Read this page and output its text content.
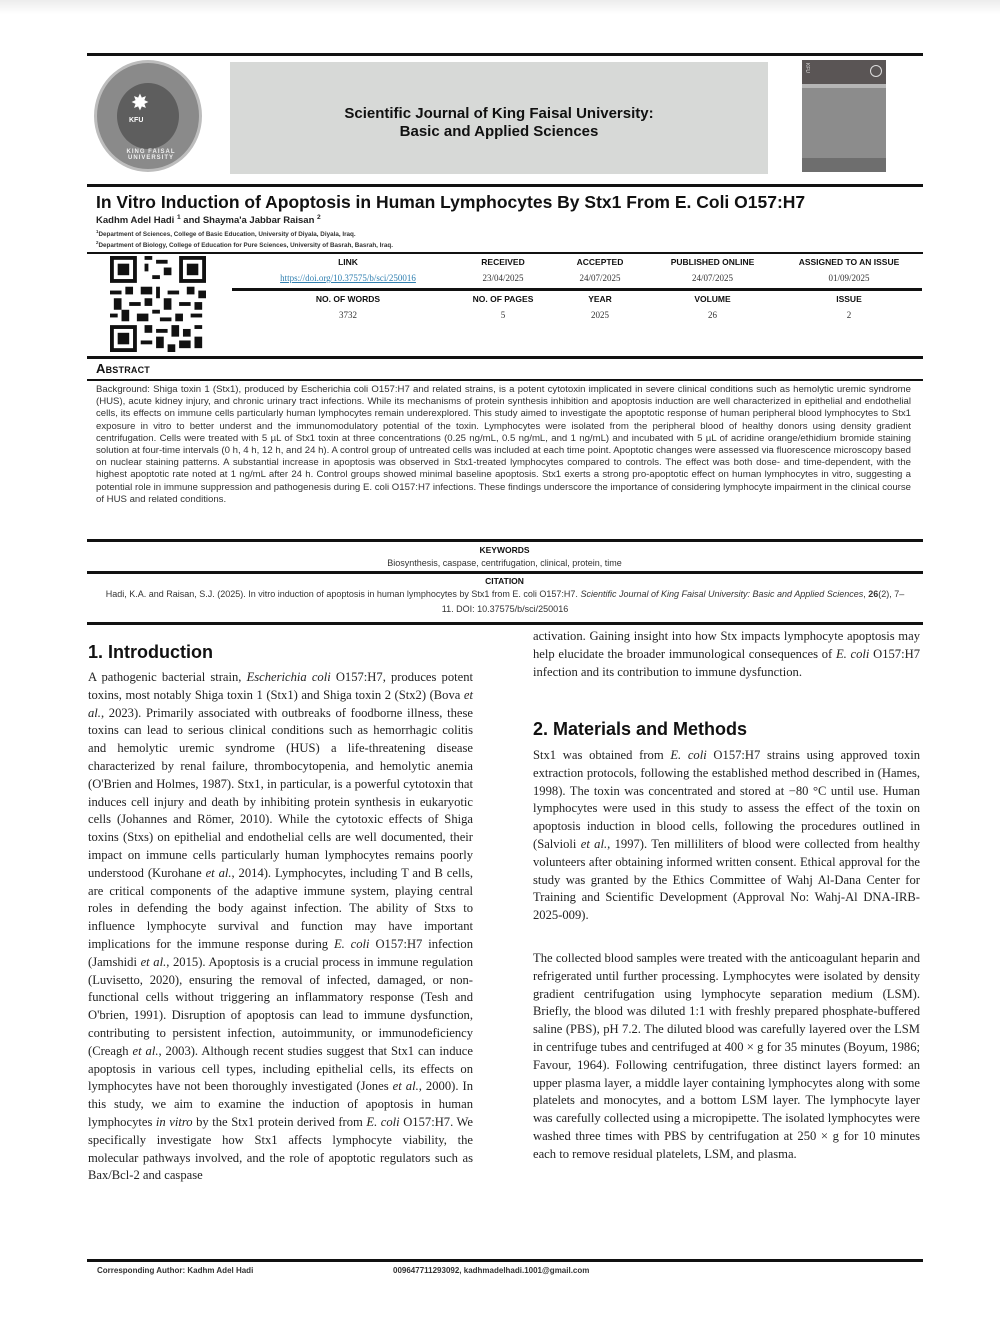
✸
KFU
KING FAISAL UNIVERSITY
Scientific Journal of King Faisal University:
Basic and Applied Sciences
KFU
In Vitro Induction of Apoptosis in Human Lymphocytes By Stx1 From E. Coli O157:H7
Kadhm Adel Hadi $^1$ and Shayma'a Jabbar Raisan $^2$
$^1$Department of Sciences, College of Basic Education, University of Diyala, Diyala, Iraq.
$^2$Department of Biology, College of Education for Pure Sciences, University of Basrah, Basrah, Iraq.
LINK
https://doi.org/10.37575/b/sci/250016
RECEIVED
23/04/2025
ACCEPTED
24/07/2025
PUBLISHED ONLINE
24/07/2025
ASSIGNED TO AN ISSUE
01/09/2025
NO. OF WORDS
3732
NO. OF PAGES
5
YEAR
2025
VOLUME
26
ISSUE
2
Abstract
Background: Shiga toxin 1 (Stx1), produced by Escherichia coli O157:H7 and related strains, is a potent cytotoxin implicated in severe clinical conditions such as hemolytic uremic syndrome (HUS), acute kidney injury, and chronic urinary tract infections. While its mechanisms of protein synthesis inhibition and apoptosis induction are well characterized in epithelial and endothelial cells, its effects on immune cells particularly human lymphocytes remain underexplored. This study aimed to investigate the apoptotic response of human peripheral blood lymphocytes to Stx1 exposure in vitro to better underst and the immunomodulatory potential of the toxin. Lymphocytes were isolated from the peripheral blood of healthy donors using density gradient centrifugation. Cells were treated with 5 µL of Stx1 toxin at three concentrations (0.25 ng/mL, 0.5 ng/mL, and 1 ng/mL) and incubated with 5 µL of acridine orange/ethidium bromide staining solution at four-time intervals (0 h, 4 h, 12 h, and 24 h). A control group of untreated cells was included at each time point. Apoptotic changes were assessed via fluorescence microscopy based on nuclear staining patterns. A substantial increase in apoptosis was observed in Stx1-treated lymphocytes compared to controls. The effect was both dose- and time-dependent, with the highest apoptotic rate noted at 1 ng/mL after 24 h. Control groups showed minimal baseline apoptosis. Stx1 exerts a strong pro-apoptotic effect on human lymphocytes in vitro, suggesting a potential role in immune suppression and pathogenesis during E. coli O157:H7 infections. These findings underscore the importance of considering lymphocyte impairment in the clinical course of HUS and related conditions.
KEYWORDS
Biosynthesis, caspase, centrifugation, clinical, protein, time
CITATION
Hadi, K.A. and Raisan, S.J. (2025). In vitro induction of apoptosis in human lymphocytes by Stx1 from E. coli O157:H7. Scientific Journal of King Faisal University: Basic and Applied Sciences, 26(2), 7–11. DOI: 10.37575/b/sci/250016
1. Introduction
A pathogenic bacterial strain, Escherichia coli O157:H7, produces potent toxins, most notably Shiga toxin 1 (Stx1) and Shiga toxin 2 (Stx2) (Bova et al., 2023). Primarily associated with outbreaks of foodborne illness, these toxins can lead to serious clinical conditions such as hemorrhagic colitis and hemolytic uremic syndrome (HUS) a life-threatening disease characterized by renal failure, thrombocytopenia, and hemolytic anemia (O'Brien and Holmes, 1987). Stx1, in particular, is a powerful cytotoxin that induces cell injury and death by inhibiting protein synthesis in eukaryotic cells (Johannes and Römer, 2010). While the cytotoxic effects of Shiga toxins (Stxs) on epithelial and endothelial cells are well documented, their impact on immune cells particularly human lymphocytes remains poorly understood (Kurohane et al., 2014). Lymphocytes, including T and B cells, are critical components of the adaptive immune system, playing central roles in defending the body against infection. The ability of Stxs to influence lymphocyte survival and function may have important implications for the immune response during E. coli O157:H7 infection (Jamshidi et al., 2015). Apoptosis is a crucial process in immune regulation (Luvisetto, 2020), ensuring the removal of infected, damaged, or non-functional cells without triggering an inflammatory response (Tesh and O'brien, 1991). Disruption of apoptosis can lead to immune dysfunction, contributing to persistent infection, autoimmunity, or immunodeficiency (Creagh et al., 2003). Although recent studies suggest that Stx1 can induce apoptosis in various cell types, including epithelial cells, its effects on lymphocytes have not been thoroughly investigated (Jones et al., 2000). In this study, we aim to examine the induction of apoptosis in human lymphocytes in vitro by the Stx1 protein derived from E. coli O157:H7. We specifically investigate how Stx1 affects lymphocyte viability, the molecular pathways involved, and the role of apoptotic regulators such as Bax/Bcl-2 and caspase
activation. Gaining insight into how Stx impacts lymphocyte apoptosis may help elucidate the broader immunological consequences of E. coli O157:H7 infection and its contribution to immune dysfunction.
2. Materials and Methods
Stx1 was obtained from E. coli O157:H7 strains using approved toxin extraction protocols, following the established method described in (Hames, 1998). The toxin was concentrated and stored at −80 °C until use. Human lymphocytes were used in this study to assess the effect of the toxin on apoptosis induction in blood cells, following the procedures outlined in (Salvioli et al., 1997). Ten milliliters of blood were collected from healthy volunteers after obtaining informed written consent. Ethical approval for the study was granted by the Ethics Committee of Wahj Al-Dana Center for Training and Scientific Development (Approval No: Wahj-Al DNA-IRB-2025-009).
The collected blood samples were treated with the anticoagulant heparin and refrigerated until further processing. Lymphocytes were isolated by density gradient centrifugation using lymphocyte separation medium (LSM). Briefly, the blood was diluted 1:1 with freshly prepared phosphate-buffered saline (PBS), pH 7.2. The diluted blood was carefully layered over the LSM in centrifuge tubes and centrifuged at 400 × g for 35 minutes (Boyum, 1986; Favour, 1964). Following centrifugation, three distinct layers formed: an upper plasma layer, a middle layer containing lymphocytes along with some platelets and monocytes, and a bottom LSM layer. The lymphocyte layer was carefully collected using a micropipette. The isolated lymphocytes were washed three times with PBS by centrifugation at 250 × g for 10 minutes each to remove residual platelets, LSM, and plasma.
Corresponding Author: Kadhm Adel Hadi	009647711293092, kadhmadelhadi.1001@gmail.com
